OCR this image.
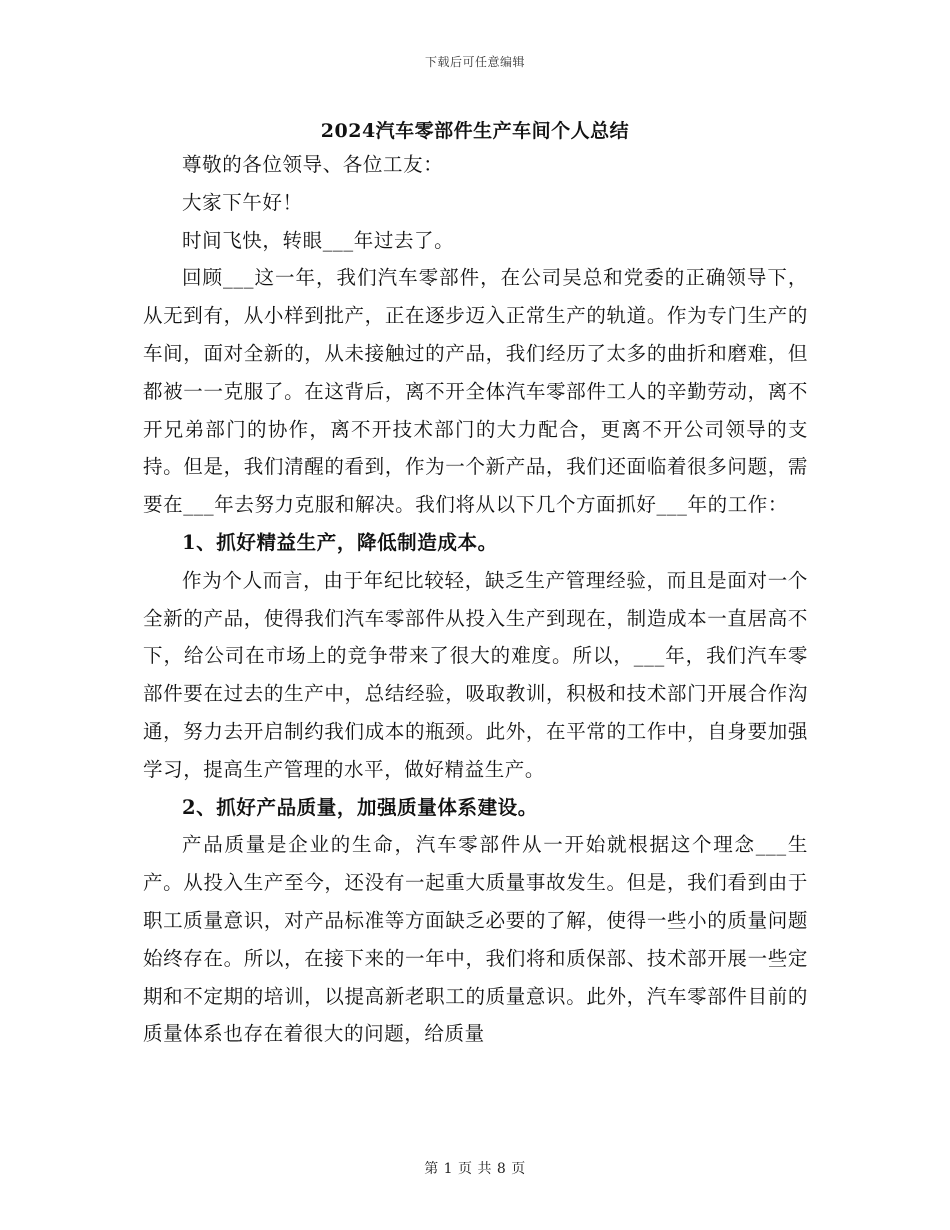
下载后可任意编辑
2024汽车零部件生产车间个人总结

尊敬的各位领导、各位工友：

大家下午好！

时间飞快，转眼___年过去了。

回顾___这一年，我们汽车零部件，在公司吴总和党委的正确领导下，从无到有，从小样到批产，正在逐步迈入正常生产的轨道。作为专门生产的车间，面对全新的，从未接触过的产品，我们经历了太多的曲折和磨难，但都被一一克服了。在这背后，离不开全体汽车零部件工人的辛勤劳动，离不开兄弟部门的协作，离不开技术部门的大力配合，更离不开公司领导的支持。但是，我们清醒的看到，作为一个新产品，我们还面临着很多问题，需要在___年去努力克服和解决。我们将从以下几个方面抓好___年的工作：

1、抓好精益生产，降低制造成本。

作为个人而言，由于年纪比较轻，缺乏生产管理经验，而且是面对一个全新的产品，使得我们汽车零部件从投入生产到现在，制造成本一直居高不下，给公司在市场上的竞争带来了很大的难度。所以，___年，我们汽车零部件要在过去的生产中，总结经验，吸取教训，积极和技术部门开展合作沟通，努力去开启制约我们成本的瓶颈。此外，在平常的工作中，自身要加强学习，提高生产管理的水平，做好精益生产。

2、抓好产品质量，加强质量体系建设。

产品质量是企业的生命，汽车零部件从一开始就根据这个理念___生产。从投入生产至今，还没有一起重大质量事故发生。但是，我们看到由于职工质量意识，对产品标准等方面缺乏必要的了解，使得一些小的质量问题始终存在。所以，在接下来的一年中，我们将和质保部、技术部开展一些定期和不定期的培训，以提高新老职工的质量意识。此外，汽车零部件目前的质量体系也存在着很大的问题，给质量

第 1 页 共 8 页
